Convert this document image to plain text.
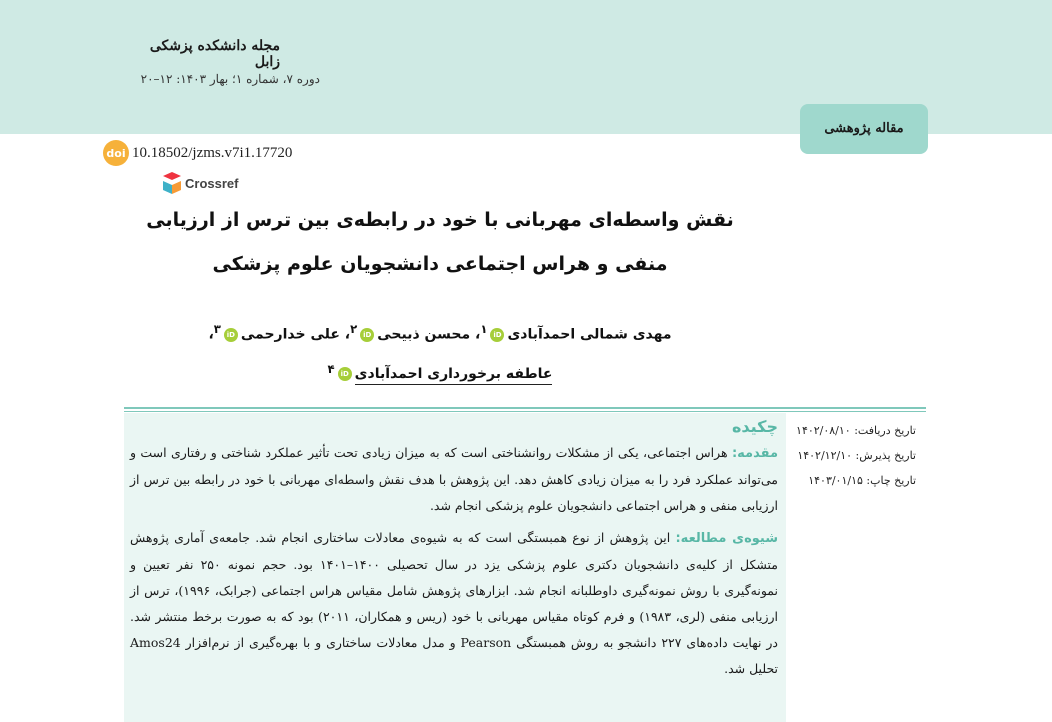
مجله دانشکده پزشکی زابل
دوره ۷، شماره ۱؛ بهار ۱۴۰۳: ۱۲–۲۰
مقاله پژوهشی
doi 10.18502/jzms.v7i1.17720
Crossref
نقش واسطه‌ای مهربانی با خود در رابطه‌ی بین ترس از ارزیابی منفی و هراس اجتماعی دانشجویان علوم پزشکی
مهدی شمالی احمدآبادیiD$^۱$، محسن ذبیحیiD$^۲$، علی خدارحمیiD$^۳$،
عاطفه برخورداری احمدآبادیiD$^۴$
تاریخ دریافت: ۱۴۰۲/۰۸/۱۰
تاریخ پذیرش: ۱۴۰۲/۱۲/۱۰
تاریخ چاپ: ۱۴۰۳/۰۱/۱۵
چکیده

مقدمه: هراس اجتماعی، یکی از مشکلات روانشناختی است که به میزان زیادی تحت تأثیر عملکرد شناختی و رفتاری است و می‌تواند عملکرد فرد را به میزان زیادی کاهش دهد. این پژوهش با هدف نقش واسطه‌ای مهربانی با خود در رابطه بین ترس از ارزیابی منفی و هراس اجتماعی دانشجویان علوم پزشکی انجام شد.

شیوه‌ی مطالعه: این پژوهش از نوع همبستگی است که به شیوه‌ی معادلات ساختاری انجام شد. جامعه‌ی آماری پژوهش متشکل از کلیه‌ی دانشجویان دکتری علوم پزشکی یزد در سال تحصیلی ۱۴۰۰–۱۴۰۱ بود. حجم نمونه ۲۵۰ نفر تعیین و نمونه‌گیری با روش نمونه‌گیری داوطلبانه انجام شد. ابزارهای پژوهش شامل مقیاس هراس اجتماعی (جرابک، ۱۹۹۶)، ترس از ارزیابی منفی (لری، ۱۹۸۳) و فرم کوتاه مقیاس مهربانی با خود (ریس و همکاران، ۲۰۱۱) بود که به صورت برخط منتشر شد. در نهایت داده‌های ۲۲۷ دانشجو به روش همبستگی Pearson و مدل معادلات ساختاری و با بهره‌گیری از نرم‌افزار Amos24 تحلیل شد.
